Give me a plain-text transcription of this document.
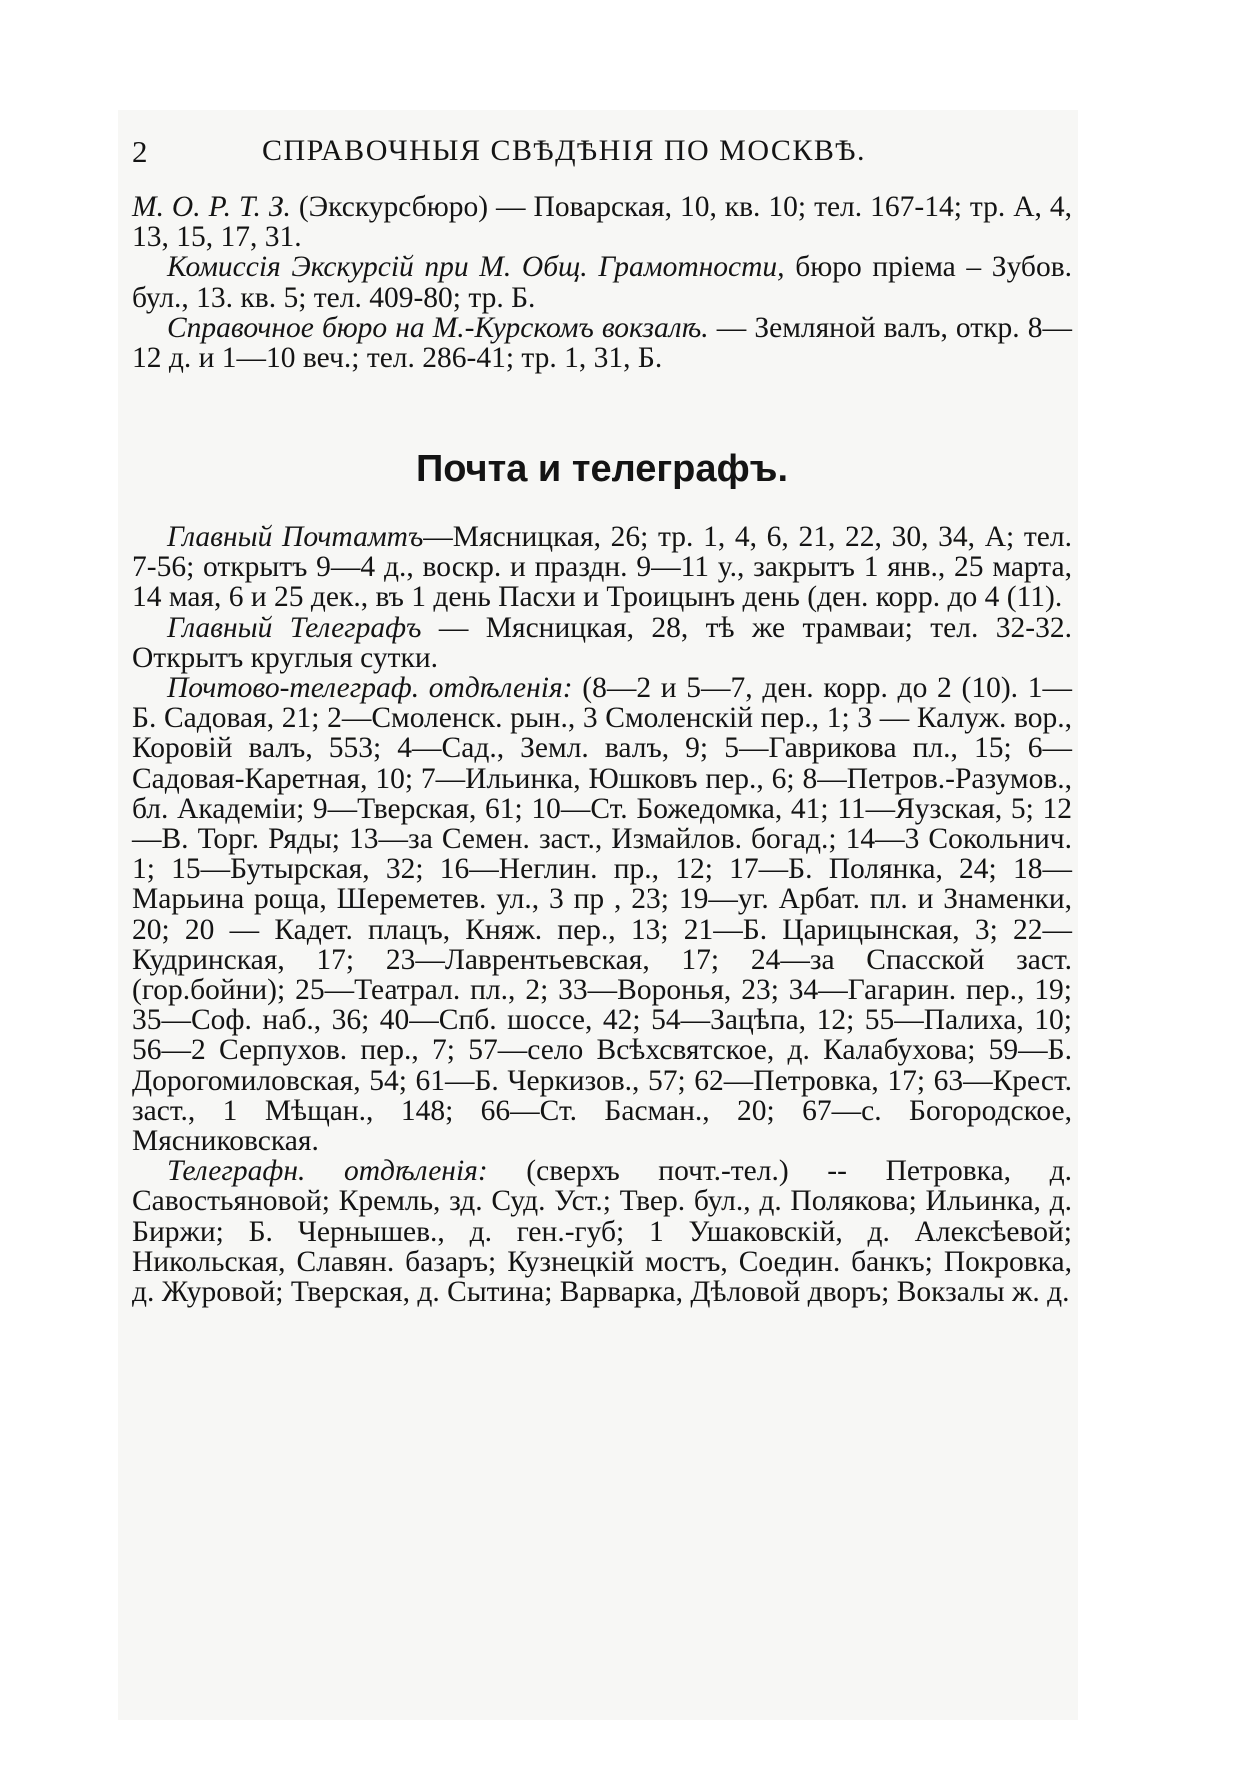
2	СПРАВОЧНЫЯ СВѢДѢНІЯ ПО МОСКВѢ.

М. О. Р. Т. З. (Экскурсбюро) — Поварская, 10, кв. 10; тел. 167-14; тр. А, 4, 13, 15, 17, 31.

Комиссія Экскурсій при М. Общ. Грамотности, бюро пріема – Зубов. бул., 13. кв. 5; тел. 409-80; тр. Б.

Справочное бюро на М.-Курскомъ вокзалѣ. — Земляной валъ, откр. 8—12 д. и 1—10 веч.; тел. 286-41; тр. 1, 31, Б.

Почта и телеграфъ.

Главный Почтамтъ—Мясницкая, 26; тр. 1, 4, 6, 21, 22, 30, 34, А; тел. 7-56; открытъ 9—4 д., воскр. и праздн. 9—11 у., закрытъ 1 янв., 25 марта, 14 мая, 6 и 25 дек., въ 1 день Пасхи и Троицынъ день (ден. корр. до 4 (11).

Главный Телеграфъ — Мясницкая, 28, тѣ же трамваи; тел. 32-32. Открытъ круглыя сутки.

Почтово-телеграф. отдѣленія: (8—2 и 5—7, ден. корр. до 2 (10). 1—Б. Садовая, 21; 2—Смоленск. рын., 3 Смоленскій пер., 1; 3 — Калуж. вор., Коровій валъ, 553; 4—Сад., Земл. валъ, 9; 5—Гаврикова пл., 15; 6—Садовая-Каретная, 10; 7—Ильинка, Юшковъ пер., 6; 8—Петров.-Разумов., бл. Академіи; 9—Тверская, 61; 10—Ст. Божедомка, 41; 11—Яузская, 5; 12—В. Торг. Ряды; 13—за Семен. заст., Измайлов. богад.; 14—3 Сокольнич. 1; 15—Бутырская, 32; 16—Неглин. пр., 12; 17—Б. Полянка, 24; 18—Марьина роща, Шереметев. ул., 3 пр , 23; 19—уг. Арбат. пл. и Знаменки, 20; 20 — Кадет. плацъ, Княж. пер., 13; 21—Б. Царицынская, 3; 22—Кудринская, 17; 23—Лаврентьевская, 17; 24—за Спасской заст.(гор.бойни); 25—Театрал. пл., 2; 33—Воронья, 23; 34—Гагарин. пер., 19; 35—Соф. наб., 36; 40—Спб. шоссе, 42; 54—Зацѣпа, 12; 55—Палиха, 10; 56—2 Серпухов. пер., 7; 57—село Всѣхсвятское, д. Калабухова; 59—Б. Дорогомиловская, 54; 61—Б. Черкизов., 57; 62—Петровка, 17; 63—Крест. заст., 1 Мѣщан., 148; 66—Ст. Басман., 20; 67—с. Богородское, Мясниковская.

Телеграфн. отдѣленія: (сверхъ почт.-тел.) -- Петровка, д. Савостьяновой; Кремль, зд. Суд. Уст.; Твер. бул., д. Полякова; Ильинка, д. Биржи; Б. Чернышев., д. ген.-губ; 1 Ушаковскій, д. Алексѣевой; Никольская, Славян. базаръ; Кузнецкій мостъ, Соедин. банкъ; Покровка, д. Журовой; Тверская, д. Сытина; Варварка, Дѣловой дворъ; Вокзалы ж. д.
